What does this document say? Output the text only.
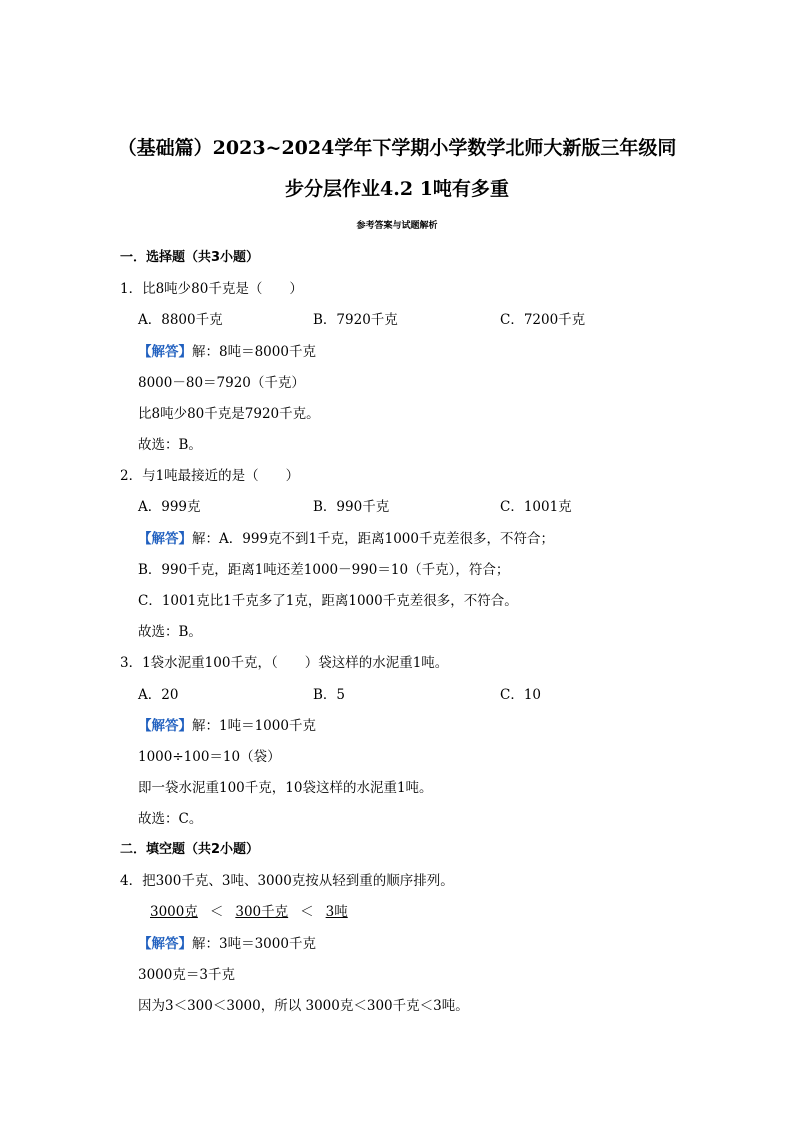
（基础篇）2023~2024学年下学期小学数学北师大新版三年级同
步分层作业4.2 1吨有多重
参考答案与试题解析
一．选择题（共3小题）
1．比8吨少80千克是（　　）
A．8800千克	B．7920千克	C．7200千克
【解答】解：8吨＝8000千克
8000－80＝7920（千克）
比8吨少80千克是7920千克。
故选：B。
2．与1吨最接近的是（　　）
A．999克	B．990千克	C．1001克
【解答】解：A．999克不到1千克，距离1000千克差很多，不符合；
B．990千克，距离1吨还差1000－990＝10（千克），符合；
C．1001克比1千克多了1克，距离1000千克差很多，不符合。
故选：B。
3．1袋水泥重100千克，（　　）袋这样的水泥重1吨。
A．20	B．5	C．10
【解答】解：1吨＝1000千克
1000÷100＝10（袋）
即一袋水泥重100千克，10袋这样的水泥重1吨。
故选：C。
二．填空题（共2小题）
4．把300千克、3吨、3000克按从轻到重的顺序排列。
3000克 ＜ 300千克 ＜ 3吨
【解答】解：3吨＝3000千克
3000克＝3千克
因为3＜300＜3000，所以 3000克＜300千克＜3吨。
